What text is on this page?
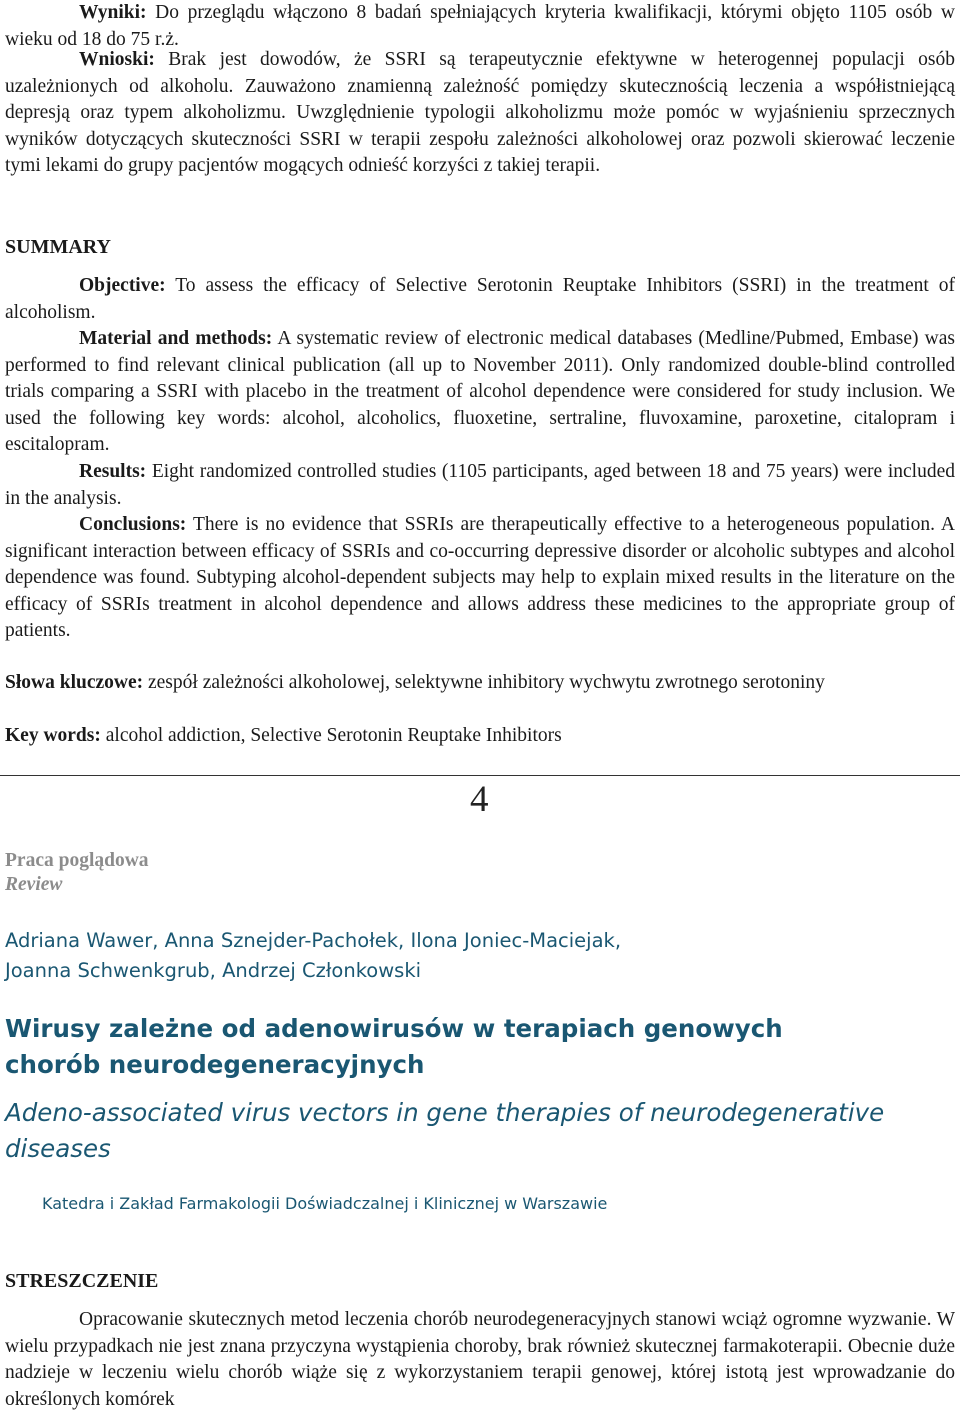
Wyniki: Do przeglądu włączono 8 badań spełniających kryteria kwalifikacji, którymi objęto 1105 osób w wieku od 18 do 75 r.ż.

Wnioski: Brak jest dowodów, że SSRI są terapeutycznie efektywne w heterogennej populacji osób uzależnionych od alkoholu. Zauważono znamienną zależność pomiędzy skutecznością leczenia a współistniejącą depresją oraz typem alkoholizmu. Uwzględnienie typologii alkoholizmu może pomóc w wyjaśnieniu sprzecznych wyników dotyczących skuteczności SSRI w terapii zespołu zależności alkoholowej oraz pozwoli skierować leczenie tymi lekami do grupy pacjentów mogących odnieść korzyści z takiej terapii.

SUMMARY

Objective: To assess the efficacy of Selective Serotonin Reuptake Inhibitors (SSRI) in the treatment of alcoholism.

Material and methods: A systematic review of electronic medical databases (Medline/Pubmed, Embase) was performed to find relevant clinical publication (all up to November 2011). Only randomized double-blind controlled trials comparing a SSRI with placebo in the treatment of alcohol dependence were considered for study inclusion. We used the following key words: alcohol, alcoholics, fluoxetine, sertraline, fluvoxamine, paroxetine, citalopram i escitalopram.

Results: Eight randomized controlled studies (1105 participants, aged between 18 and 75 years) were included in the analysis.

Conclusions: There is no evidence that SSRIs are therapeutically effective to a heterogeneous population. A significant interaction between efficacy of SSRIs and co-occurring depressive disorder or alcoholic subtypes and alcohol dependence was found. Subtyping alcohol-dependent subjects may help to explain mixed results in the literature on the efficacy of SSRIs treatment in alcohol dependence and allows address these medicines to the appropriate group of patients.

Słowa kluczowe: zespół zależności alkoholowej, selektywne inhibitory wychwytu zwrotnego serotoniny

Key words: alcohol addiction, Selective Serotonin Reuptake Inhibitors

4
Praca poglądowa
Review
Adriana Wawer, Anna Sznejder-Pachołek, Ilona Joniec-Maciejak,
Joanna Schwenkgrub, Andrzej Członkowski
Wirusy zależne od adenowirusów w terapiach genowych
chorób neurodegeneracyjnych
Adeno-associated virus vectors in gene therapies of neurodegenerative
diseases
Katedra i Zakład Farmakologii Doświadczalnej i Klinicznej w Warszawie
STRESZCZENIE

Opracowanie skutecznych metod leczenia chorób neurodegeneracyjnych stanowi wciąż ogromne wyzwanie. W wielu przypadkach nie jest znana przyczyna wystąpienia choroby, brak również skutecznej farmakoterapii. Obecnie duże nadzieje w leczeniu wielu chorób wiąże się z wykorzystaniem terapii genowej, której istotą jest wprowadzanie do określonych komórek
